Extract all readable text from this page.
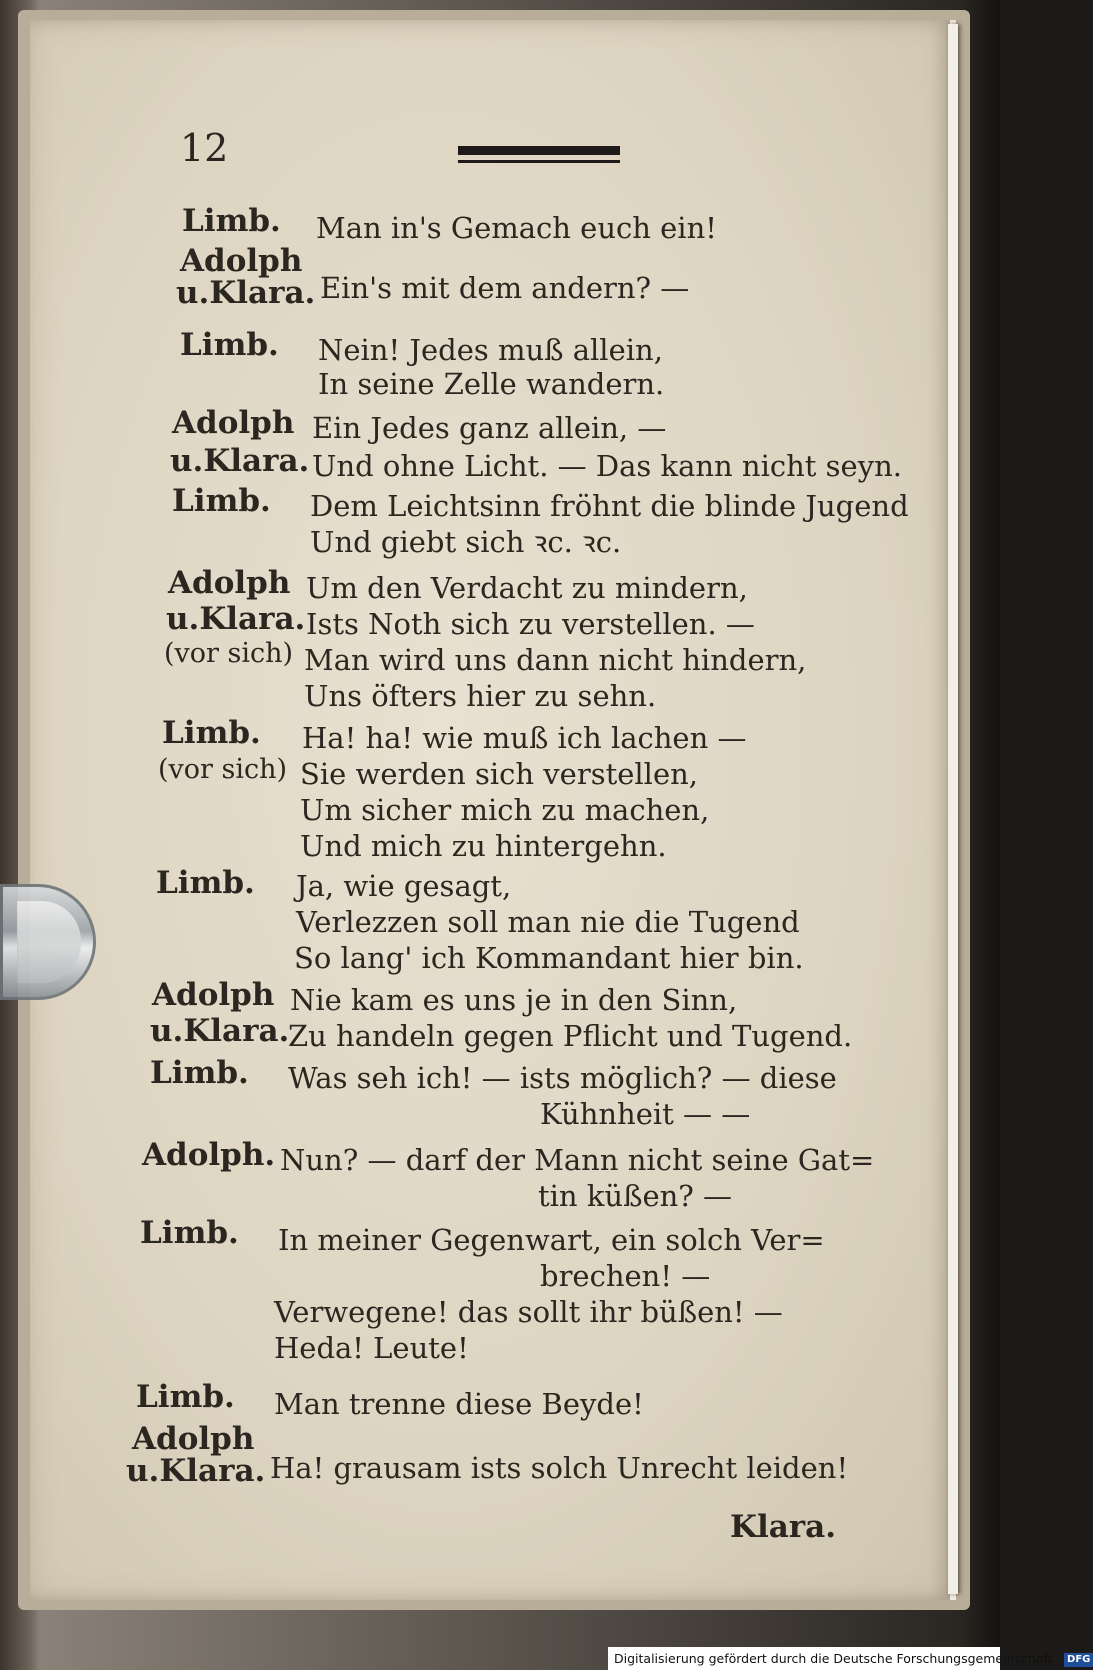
12
Limb. Man in's Gemach euch ein!
Adolph
u.Klara. Ein's mit dem andern? —
Limb. Nein! Jedes muß allein,
In seine Zelle wandern.
Adolph Ein Jedes ganz allein, —
u.Klara. Und ohne Licht. — Das kann nicht seyn.
Limb. Dem Leichtsinn fröhnt die blinde Jugend
Und giebt sich ꝛc. ꝛc.
Adolph Um den Verdacht zu mindern,
u.Klara. Ists Noth sich zu verstellen. —
(vor sich) Man wird uns dann nicht hindern,
Uns öfters hier zu sehn.
Limb. Ha! ha! wie muß ich lachen —
(vor sich) Sie werden sich verstellen,
Um sicher mich zu machen,
Und mich zu hintergehn.
Limb. Ja, wie gesagt,
Verlezzen soll man nie die Tugend
So lang' ich Kommandant hier bin.
Adolph Nie kam es uns je in den Sinn,
u.Klara.
Zu handeln gegen Pflicht und Tugend.
Limb. Was seh ich! — ists möglich? — diese
Kühnheit — —
Adolph. Nun? — darf der Mann nicht seine Gat=
tin küßen? —
Limb. In meiner Gegenwart, ein solch Ver=
brechen! —
Verwegene! das sollt ihr büßen! —
Heda! Leute!
Limb. Man trenne diese Beyde!
Adolph
u.Klara. Ha! grausam ists solch Unrecht leiden!
Klara.
Digitalisierung gefördert durch die Deutsche Forschungsgemeinschaft - DFG
